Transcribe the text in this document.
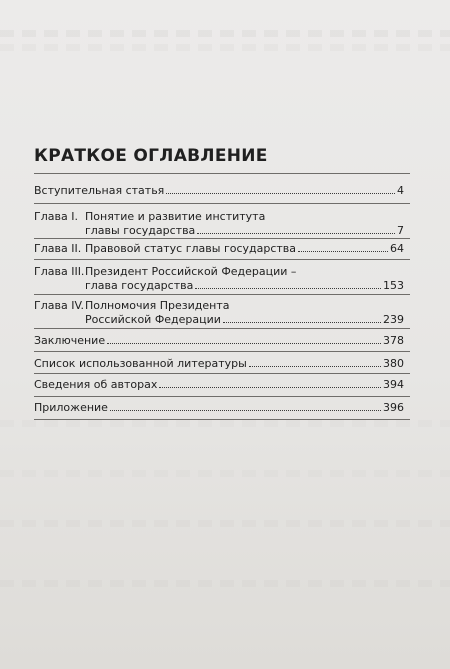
КРАТКОЕ ОГЛАВЛЕНИЕ
Вступительная статья	4
Глава I. Понятие и развитие института
главы государства	7
Глава II. Правовой статус главы государства	64
Глава III. Президент Российской Федерации –
глава государства	153
Глава IV. Полномочия Президента
Российской Федерации	239
Заключение	378
Список использованной литературы	380
Сведения об авторах	394
Приложение	396
